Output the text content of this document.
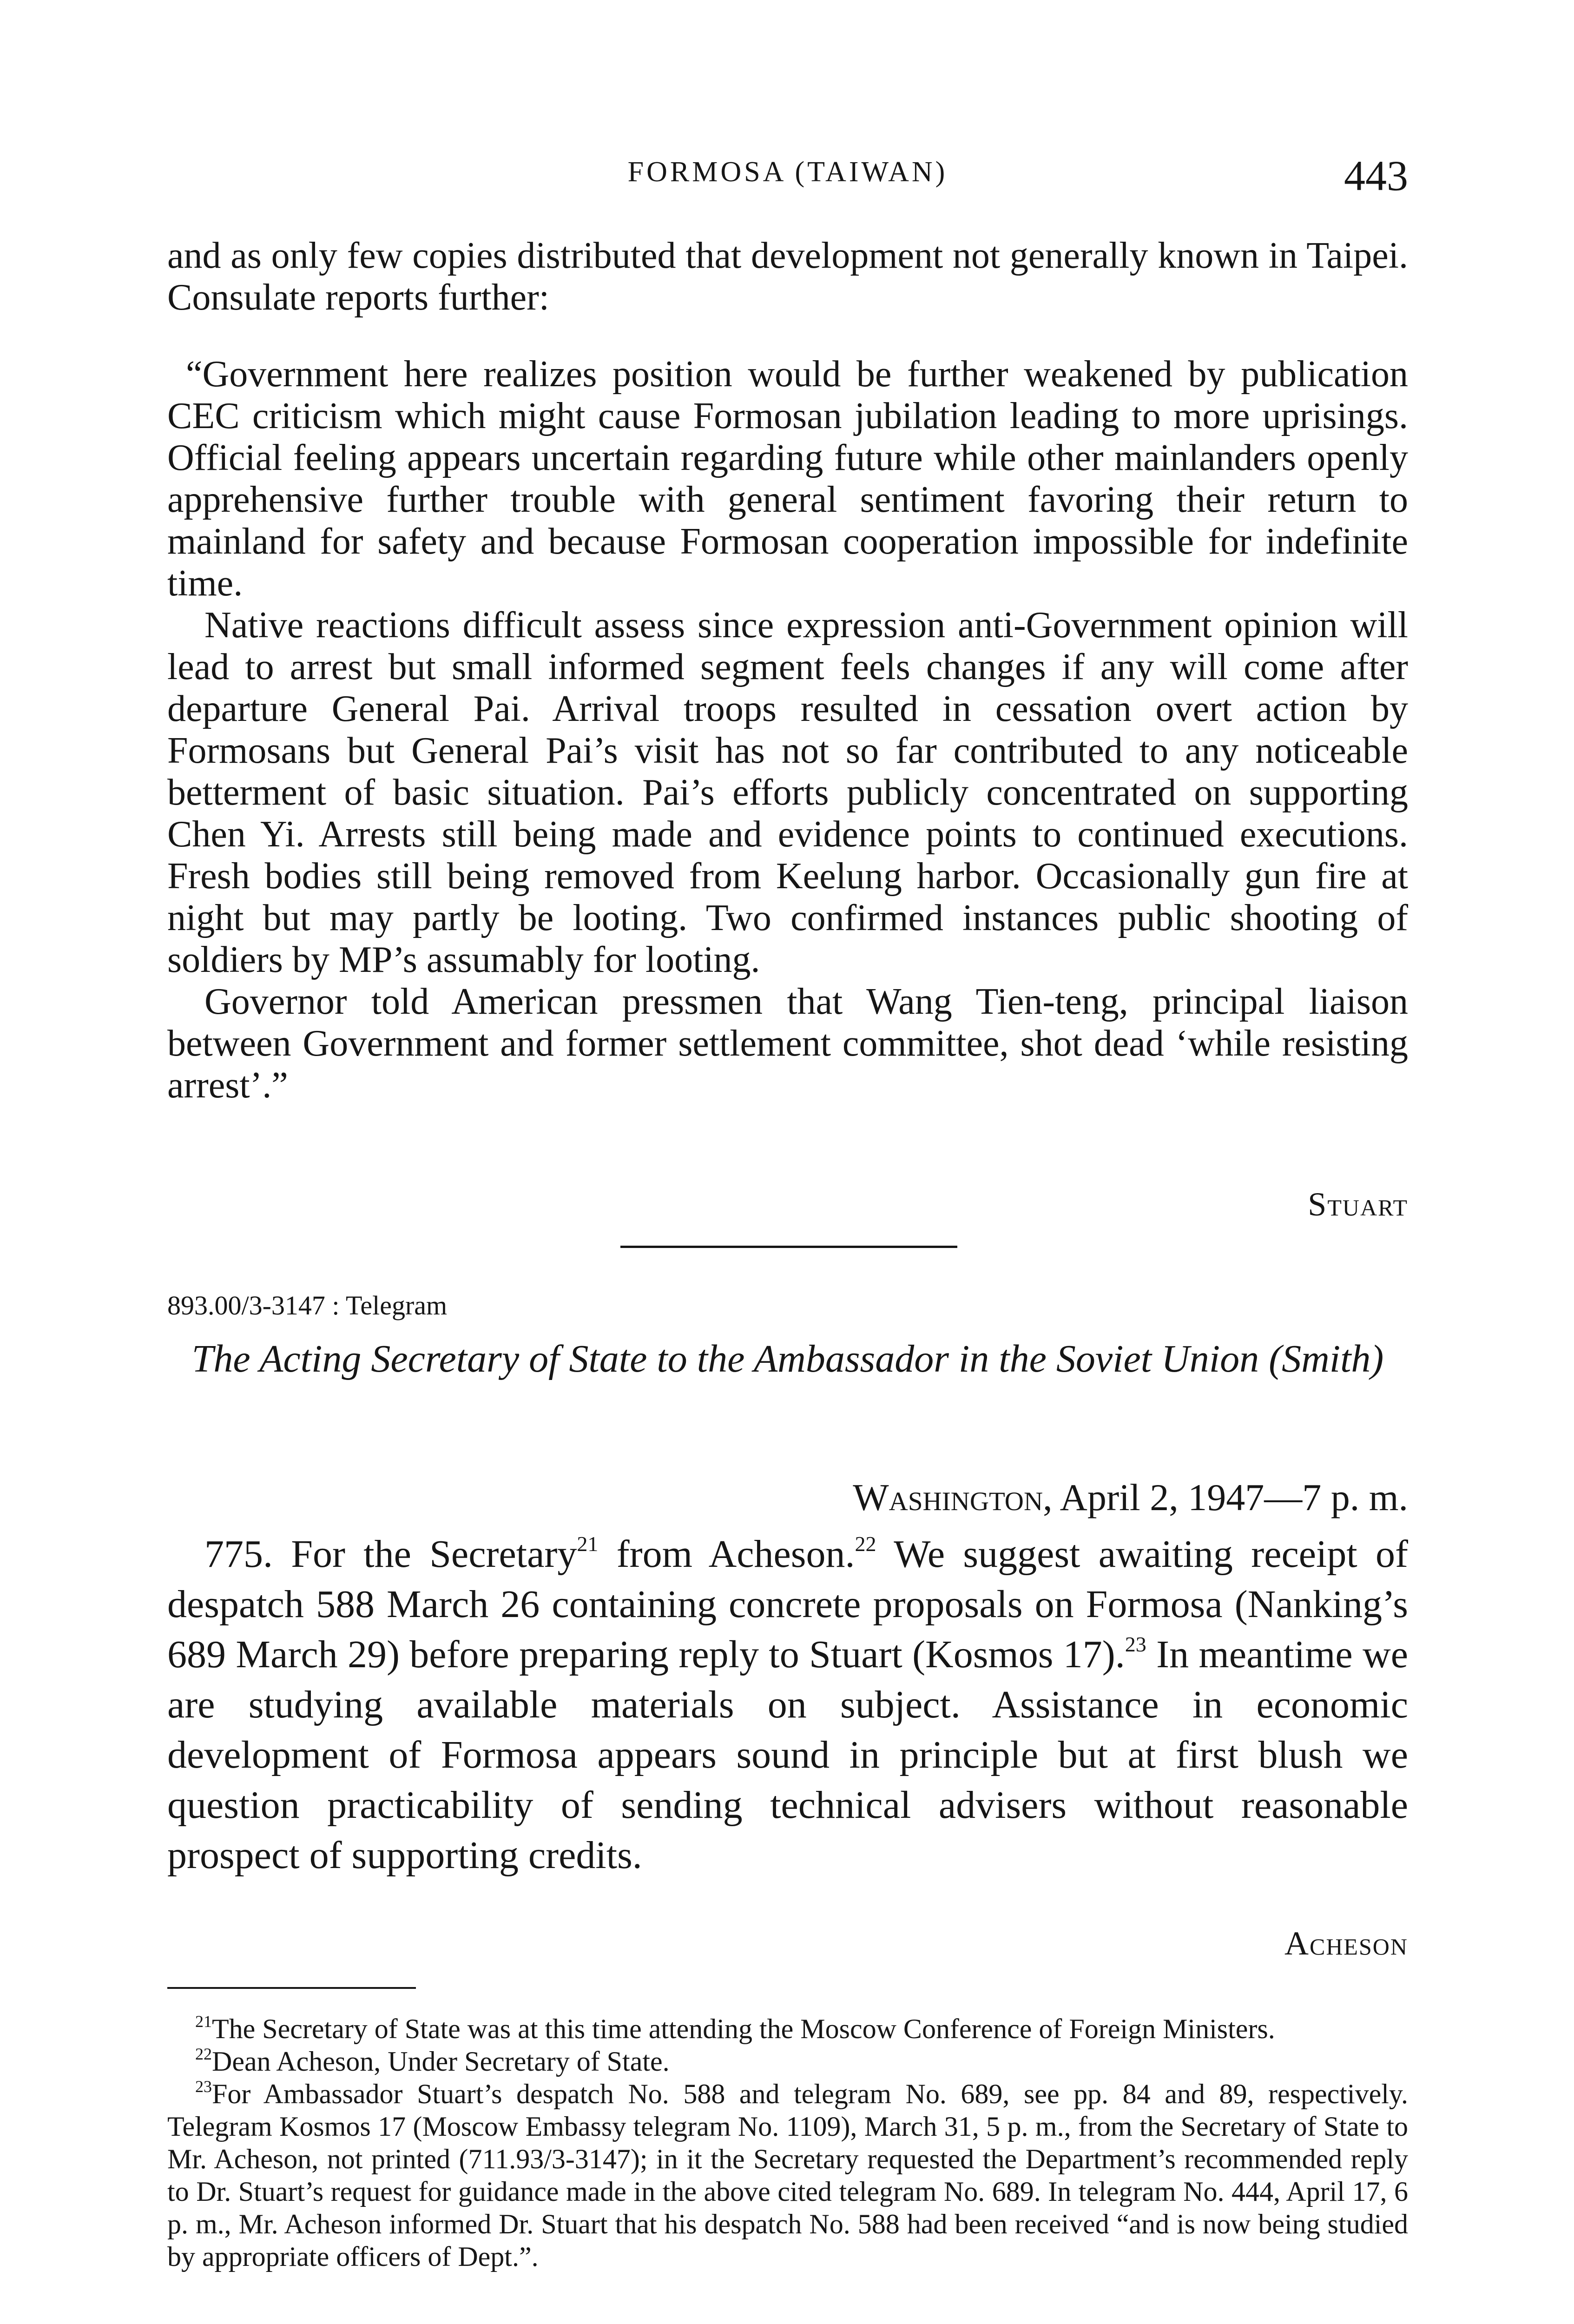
FORMOSA (TAIWAN)	443

and as only few copies distributed that development not generally known in Taipei. Consulate reports further:

“Government here realizes position would be further weakened by publication CEC criticism which might cause Formosan jubilation leading to more uprisings. Official feeling appears uncertain regarding future while other mainlanders openly apprehensive further trouble with general sentiment favoring their return to mainland for safety and because Formosan cooperation impossible for indefinite time.

Native reactions difficult assess since expression anti-Government opinion will lead to arrest but small informed segment feels changes if any will come after departure General Pai. Arrival troops resulted in cessation overt action by Formosans but General Pai’s visit has not so far contributed to any noticeable betterment of basic situation. Pai’s efforts publicly concentrated on supporting Chen Yi. Arrests still being made and evidence points to continued executions. Fresh bodies still being removed from Keelung harbor. Occasionally gun fire at night but may partly be looting. Two confirmed instances public shooting of soldiers by MP’s assumably for looting.

Governor told American pressmen that Wang Tien-teng, principal liaison between Government and former settlement committee, shot dead ‘while resisting arrest’.”

Stuart
893.00/3-3147 : Telegram
The Acting Secretary of State to the Ambassador in the Soviet Union (Smith)
Washington, April 2, 1947—7 p. m.

775. For the Secretary$^{21}$ from Acheson.$^{22}$ We suggest awaiting receipt of despatch 588 March 26 containing concrete proposals on Formosa (Nanking’s 689 March 29) before preparing reply to Stuart (Kosmos 17).$^{23}$ In meantime we are studying available materials on subject. Assistance in economic development of Formosa appears sound in principle but at first blush we question practicability of sending technical advisers without reasonable prospect of supporting credits.

Acheson

$^{21}$The Secretary of State was at this time attending the Moscow Conference of Foreign Ministers.

$^{22}$Dean Acheson, Under Secretary of State.

$^{23}$For Ambassador Stuart’s despatch No. 588 and telegram No. 689, see pp. 84 and 89, respectively. Telegram Kosmos 17 (Moscow Embassy telegram No. 1109), March 31, 5 p. m., from the Secretary of State to Mr. Acheson, not printed (711.93/3-3147); in it the Secretary requested the Department’s recommended reply to Dr. Stuart’s request for guidance made in the above cited telegram No. 689. In telegram No. 444, April 17, 6 p. m., Mr. Acheson informed Dr. Stuart that his despatch No. 588 had been received “and is now being studied by appropriate officers of Dept.”.
